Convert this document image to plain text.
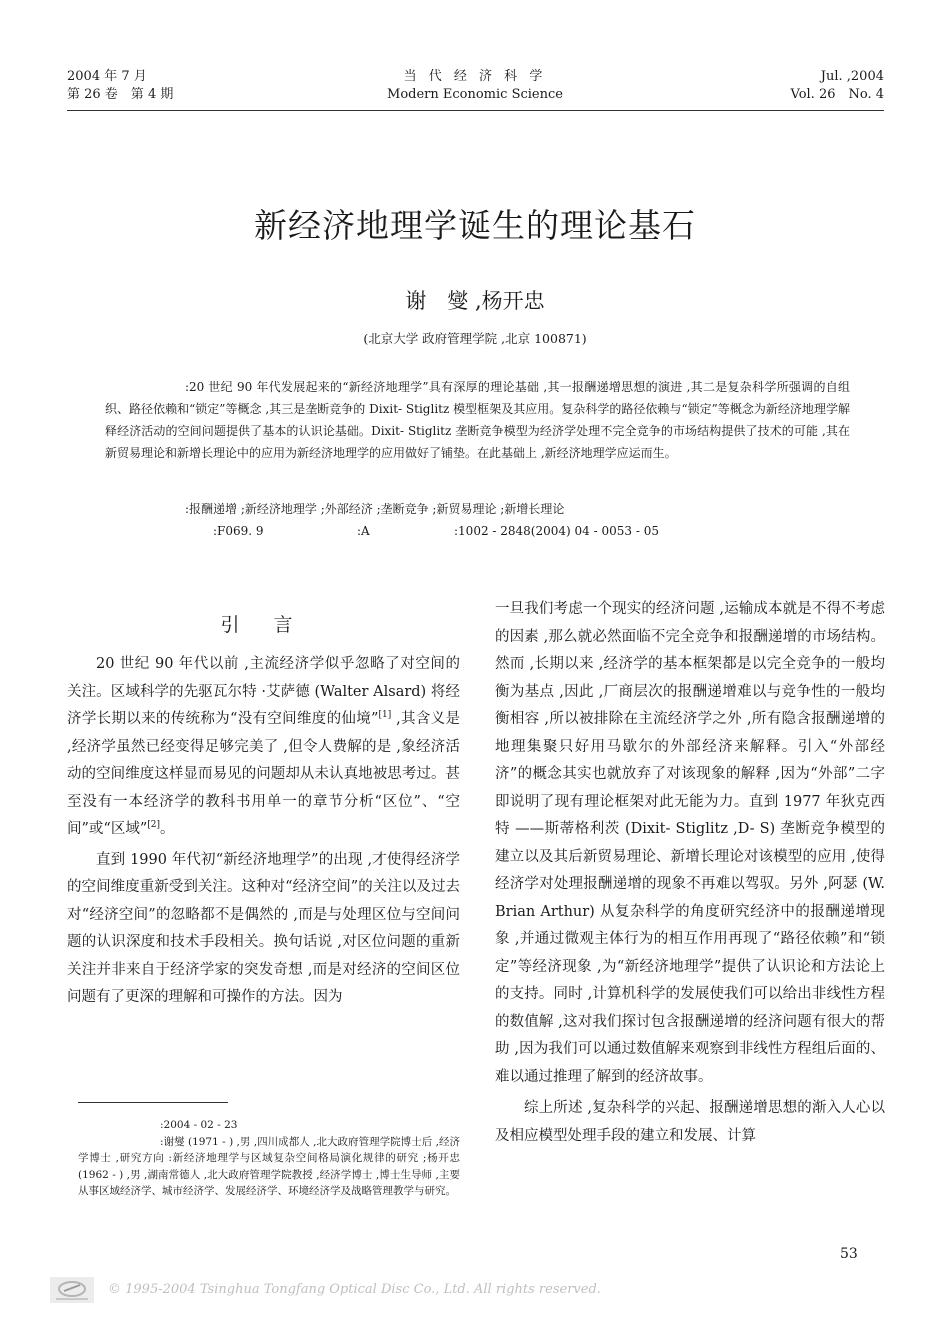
2004 年 7 月
第 26 卷　第 4 期
当 代 经 济 科 学
Modern Economic Science
Jul. ,2004
Vol. 26　No. 4
新经济地理学诞生的理论基石
谢　燮 ,杨开忠
(北京大学 政府管理学院 ,北京 100871)

:20 世纪 90 年代发展起来的“新经济地理学”具有深厚的理论基础 ,其一报酬递增思想的演进 ,其二是复杂科学所强调的自组织、路径依赖和“锁定”等概念 ,其三是垄断竞争的 Dixit- Stiglitz 模型框架及其应用。复杂科学的路径依赖与“锁定”等概念为新经济地理学解释经济活动的空间问题提供了基本的认识论基础。Dixit- Stiglitz 垄断竞争模型为经济学处理不完全竞争的市场结构提供了技术的可能 ,其在新贸易理论和新增长理论中的应用为新经济地理学的应用做好了铺垫。在此基础上 ,新经济地理学应运而生。

:报酬递增 ;新经济地理学 ;外部经济 ;垄断竞争 ;新贸易理论 ;新增长理论
:F069. 9	:A	:1002 - 2848(2004) 04 - 0053 - 05
引 言

20 世纪 90 年代以前 ,主流经济学似乎忽略了对空间的关注。区域科学的先驱瓦尔特 ·艾萨德 (Walter Alsard) 将经济学长期以来的传统称为“没有空间维度的仙境”[1] ,其含义是 ,经济学虽然已经变得足够完美了 ,但令人费解的是 ,象经济活动的空间维度这样显而易见的问题却从未认真地被思考过。甚至没有一本经济学的教科书用单一的章节分析“区位”、“空间”或“区域”[2]。

直到 1990 年代初“新经济地理学”的出现 ,才使得经济学的空间维度重新受到关注。这种对“经济空间”的关注以及过去对“经济空间”的忽略都不是偶然的 ,而是与处理区位与空间问题的认识深度和技术手段相关。换句话说 ,对区位问题的重新关注并非来自于经济学家的突发奇想 ,而是对经济的空间区位问题有了更深的理解和可操作的方法。因为

一旦我们考虑一个现实的经济问题 ,运输成本就是不得不考虑的因素 ,那么就必然面临不完全竞争和报酬递增的市场结构。然而 ,长期以来 ,经济学的基本框架都是以完全竞争的一般均衡为基点 ,因此 ,厂商层次的报酬递增难以与竞争性的一般均衡相容 ,所以被排除在主流经济学之外 ,所有隐含报酬递增的地理集聚只好用马歇尔的外部经济来解释。引入“外部经济”的概念其实也就放弃了对该现象的解释 ,因为“外部”二字即说明了现有理论框架对此无能为力。直到 1977 年狄克西特 ——斯蒂格利茨 (Dixit- Stiglitz ,D- S) 垄断竞争模型的建立以及其后新贸易理论、新增长理论对该模型的应用 ,使得经济学对处理报酬递增的现象不再难以驾驭。另外 ,阿瑟 (W. Brian Arthur) 从复杂科学的角度研究经济中的报酬递增现象 ,并通过微观主体行为的相互作用再现了“路径依赖”和“锁定”等经济现象 ,为“新经济地理学”提供了认识论和方法论上的支持。同时 ,计算机科学的发展使我们可以给出非线性方程的数值解 ,这对我们探讨包含报酬递增的经济问题有很大的帮助 ,因为我们可以通过数值解来观察到非线性方程组后面的、难以通过推理了解到的经济故事。

综上所述 ,复杂科学的兴起、报酬递增思想的渐入人心以及相应模型处理手段的建立和发展、计算

:2004 - 02 - 23

:谢燮 (1971 - ) ,男 ,四川成都人 ,北大政府管理学院博士后 ,经济学博士 ,研究方向 :新经济地理学与区域复杂空间格局演化规律的研究 ;杨开忠 (1962 - ) ,男 ,湖南常德人 ,北大政府管理学院教授 ,经济学博士 ,博士生导师 ,主要从事区域经济学、城市经济学、发展经济学、环境经济学及战略管理教学与研究。

53
© 1995-2004 Tsinghua Tongfang Optical Disc Co., Ltd. All rights reserved.
